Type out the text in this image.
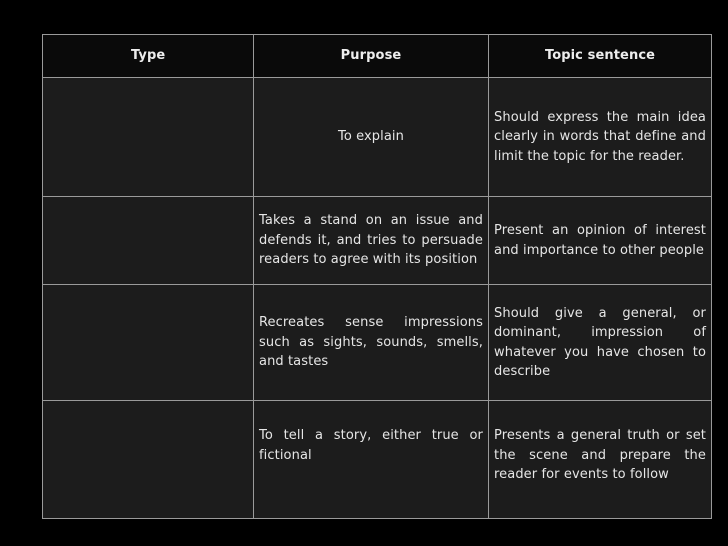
Type	Purpose	Topic sentence
	To explain	Should express the main idea clearly in words that define and limit the topic for the reader.
	Takes a stand on an issue and defends it, and tries to persuade readers to agree with its position	Present an opinion of interest and importance to other people
	Recreates sense impressions such as sights, sounds, smells, and tastes	Should give a general, or dominant, impression of whatever you have chosen to describe
	To tell a story, either true or fictional	Presents a general truth or set the scene and prepare the reader for events to follow
